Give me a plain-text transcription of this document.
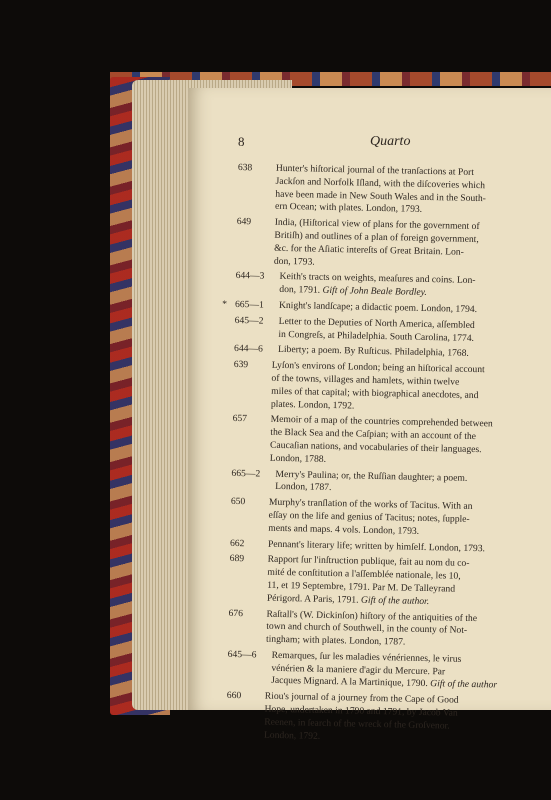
8	Quarto
638	Hunter's hiſtorical journal of the tranſactions at Port
Jackſon and Norfolk Iſland, with the diſcoveries which
have been made in New South Wales and in the South-
ern Ocean; with plates. London, 1793.
649	India, (Hiſtorical view of plans for the government of
Britiſh) and outlines of a plan of foreign government,
&c. for the Aſiatic intereſts of Great Britain. Lon-
don, 1793.
644—3	Keith's tracts on weights, meaſures and coins. Lon-
don, 1791. Gift of John Beale Bordley.
* 665—1	Knight's landſcape; a didactic poem. London, 1794.
645—2	Letter to the Deputies of North America, aſſembled
in Congreſs, at Philadelphia. South Carolina, 1774.
644—6	Liberty; a poem. By Ruſticus. Philadelphia, 1768.
639	Lyſon's environs of London; being an hiſtorical account
of the towns, villages and hamlets, within twelve
miles of that capital; with biographical anecdotes, and
plates. London, 1792.
657	Memoir of a map of the countries comprehended between
the Black Sea and the Caſpian; with an account of the
Caucaſian nations, and vocabularies of their languages.
London, 1788.
665—2	Merry's Paulina; or, the Ruſſian daughter; a poem.
London, 1787.
650	Murphy's tranſlation of the works of Tacitus. With an
eſſay on the life and genius of Tacitus; notes, ſupple-
ments and maps. 4 vols. London, 1793.
662	Pennant's literary life; written by himſelf. London, 1793.
689	Rapport ſur l'inſtruction publique, fait au nom du co-
mité de conſtitution a l'aſſemblée nationale, les 10,
11, et 19 Septembre, 1791. Par M. De Talleyrand
Périgord. A Paris, 1791. Gift of the author.
676	Raſtall's (W. Dickinſon) hiſtory of the antiquities of the
town and church of Southwell, in the county of Not-
tingham; with plates. London, 1787.
645—6	Remarques, ſur les maladies vénériennes, le virus
vénérien & la maniere d'agir du Mercure. Par
Jacques Mignard. A la Martinique, 1790. Gift of the author
660	Riou's journal of a journey from the Cape of Good
Hope, undertaken in 1790 and 1791, by Jacob Van
Reenen, in ſearch of the wreck of the Groſvenor.
London, 1792.
